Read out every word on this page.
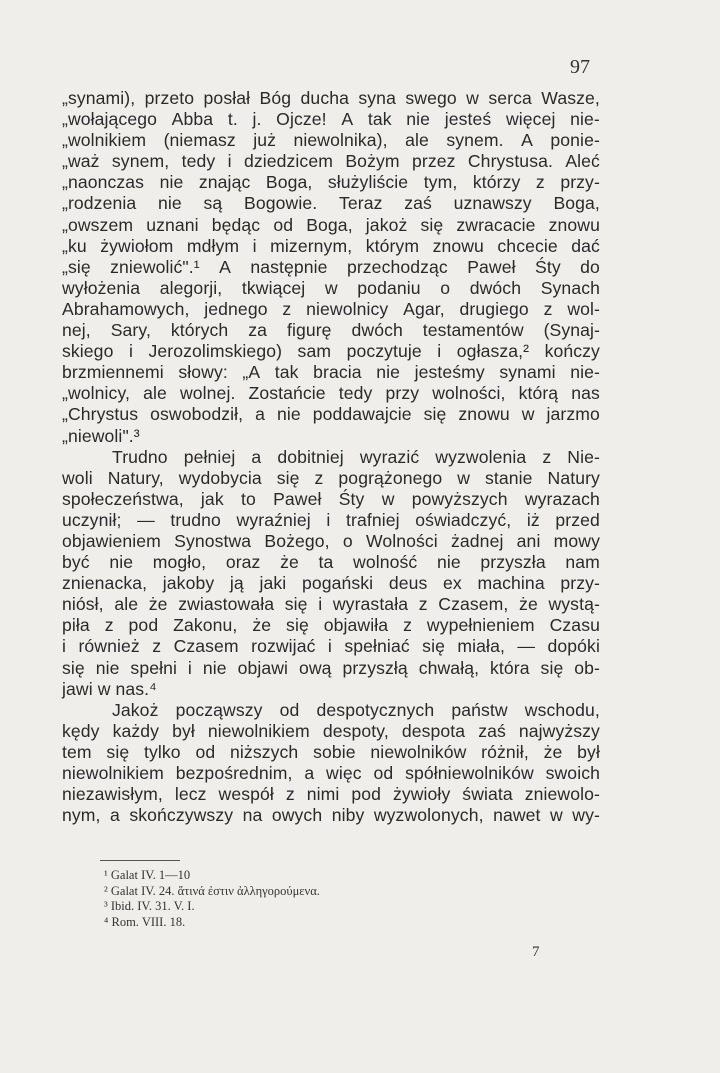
97
„synami), przeto posłał Bóg ducha syna swego w serca Wasze,
„wołającego Abba t. j. Ojcze! A tak nie jesteś więcej nie-
„wolnikiem (niemasz już niewolnika), ale synem. A ponie-
„waż synem, tedy i dziedzicem Bożym przez Chrystusa. Aleć
„naonczas nie znając Boga, służyliście tym, którzy z przy-
„rodzenia nie są Bogowie. Teraz zaś uznawszy Boga,
„owszem uznani będąc od Boga, jakoż się zwracacie znowu
„ku żywiołom mdłym i mizernym, którym znowu chcecie dać
„się zniewolić".¹ A następnie przechodząc Paweł Śty do
wyłożenia alegorji, tkwiącej w podaniu o dwóch Synach
Abrahamowych, jednego z niewolnicy Agar, drugiego z wol-
nej, Sary, których za figurę dwóch testamentów (Synaj-
skiego i Jerozolimskiego) sam poczytuje i ogłasza,² kończy
brzmiennemi słowy: „A tak bracia nie jesteśmy synami nie-
„wolnicy, ale wolnej. Zostańcie tedy przy wolności, którą nas
„Chrystus oswobodził, a nie poddawajcie się znowu w jarzmo
„niewoli".³
Trudno pełniej a dobitniej wyrazić wyzwolenia z Nie-
woli Natury, wydobycia się z pogrążonego w stanie Natury
społeczeństwa, jak to Paweł Śty w powyższych wyrazach
uczynił; — trudno wyraźniej i trafniej oświadczyć, iż przed
objawieniem Synostwa Bożego, o Wolności żadnej ani mowy
być nie mogło, oraz że ta wolność nie przyszła nam
znienacka, jakoby ją jaki pogański deus ex machina przy-
niósł, ale że zwiastowała się i wyrastała z Czasem, że wystą-
piła z pod Zakonu, że się objawiła z wypełnieniem Czasu
i również z Czasem rozwijać i spełniać się miała, — dopóki
się nie spełni i nie objawi ową przyszłą chwałą, która się ob-
jawi w nas.⁴
Jakoż począwszy od despotycznych państw wschodu,
kędy każdy był niewolnikiem despoty, despota zaś najwyższy
tem się tylko od niższych sobie niewolników różnił, że był
niewolnikiem bezpośrednim, a więc od spółniewolników swoich
niezawisłym, lecz wespół z nimi pod żywioły świata zniewolo-
nym, a skończywszy na owych niby wyzwolonych, nawet w wy-
¹ Galat IV. 1—10
² Galat IV. 24. ἅτινά ἐστιν ἀλληγορούμενα.
³ Ibid. IV. 31. V. I.
⁴ Rom. VIII. 18.
7
